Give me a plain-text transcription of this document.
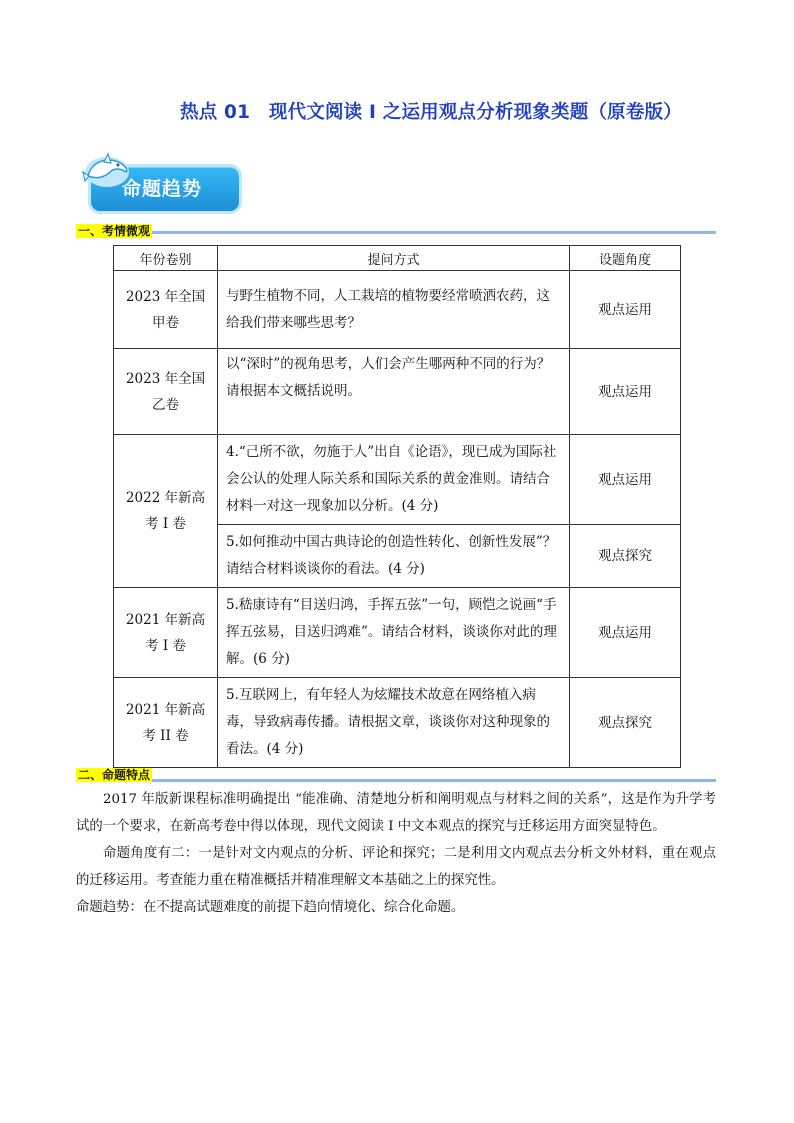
热点 01　现代文阅读 I 之运用观点分析现象类题（原卷版）
命题趋势
一、考情微观
年份卷别	提问方式	设题角度
2023 年全国甲卷	与野生植物不同，人工栽培的植物要经常喷洒农药，这给我们带来哪些思考？	观点运用
2023 年全国乙卷	以“深时”的视角思考，人们会产生哪两种不同的行为？请根据本文概括说明。	观点运用
2022 年新高考 I 卷	4.“己所不欲，勿施于人”出自《论语》，现已成为国际社会公认的处理人际关系和国际关系的黄金准则。请结合材料一对这一现象加以分析。(4 分)	观点运用
	5.如何推动中国古典诗论的创造性转化、创新性发展”？请结合材料谈谈你的看法。(4 分)	观点探究
2021 年新高考 I 卷	5.嵇康诗有“目送归鸿，手挥五弦”一句，顾恺之说画“手挥五弦易，目送归鸿难”。请结合材料，谈谈你对此的理解。(6 分)	观点运用
2021 年新高考 II 卷	5.互联网上，有年轻人为炫耀技术故意在网络植入病毒，导致病毒传播。请根据文章，谈谈你对这种现象的看法。(4 分)	观点探究
二、命题特点
2017 年版新课程标准明确提出 “能准确、清楚地分析和阐明观点与材料之间的关系”，这是作为升学考试的一个要求，在新高考卷中得以体现，现代文阅读 I 中文本观点的探究与迁移运用方面突显特色。
命题角度有二：一是针对文内观点的分析、评论和探究；二是利用文内观点去分析文外材料，重在观点的迁移运用。考查能力重在精准概括并精准理解文本基础之上的探究性。
命题趋势：在不提高试题难度的前提下趋向情境化、综合化命题。
